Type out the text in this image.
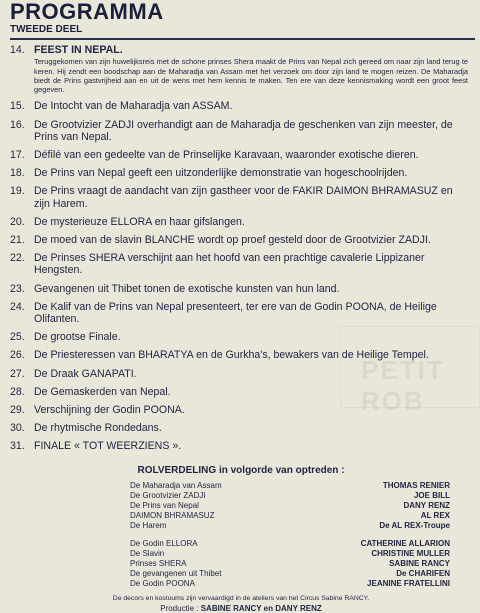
PROGRAMMA
TWEEDE DEEL
14. FEEST IN NEPAL.
Teruggekomen van zijn huwelijksreis met de schone prinses Shera maakt de Prins van Nepal zich gereed om naar zijn land terug te keren. Hij zendt een boodschap aan de Maharadja van Assam met het verzoek om door zijn land te mogen reizen. De Maharadja biedt de Prins gastvrijheid aan en uit de wens met hem kennis te maken. Ten ere van deze kennismaking wordt een groot feest gegeven.
15. De Intocht van de Maharadja van ASSAM.
16. De Grootvizier ZADJI overhandigt aan de Maharadja de geschenken van zijn meester, de Prins van Nepal.
17. Défilé van een gedeelte van de Prinselijke Karavaan, waaronder exotische dieren.
18. De Prins van Nepal geeft een uitzonderlijke demonstratie van hogeschoolrijden.
19. De Prins vraagt de aandacht van zijn gastheer voor de FAKIR DAIMON BHRAMASUZ en zijn Harem.
20. De mysterieuze ELLORA en haar gifslangen.
21. De moed van de slavin BLANCHE wordt op proef gesteld door de Grootvizier ZADJI.
22. De Prinses SHERA verschijnt aan het hoofd van een prachtige cavalerie Lippizaner Hengsten.
23. Gevangenen uit Thibet tonen de exotische kunsten van hun land.
24. De Kalif van de Prins van Nepal presenteert, ter ere van de Godin POONA, de Heilige Olifanten.
25. De grootse Finale.
26. De Priesteressen van BHARATYA en de Gurkha's, bewakers van de Heilige Tempel.
27. De Draak GANAPATI.
28. De Gemaskerden van Nepal.
29. Verschijning der Godin POONA.
30. De rhytmische Rondedans.
31. FINALE « TOT WEERZIENS ».
ROLVERDELING in volgorde van optreden :
De Maharadja van Assam	THOMAS RENIER
De Grootvizier ZADJI	JOE BILL
De Prins van Nepal	DANY RENZ
DAIMON BHRAMASUZ	AL REX
De Harem	De AL REX-Troupe
De Godin ELLORA	CATHERINE ALLARION
De Slavin	CHRISTINE MULLER
Prinses SHERA	SABINE RANCY
De gevangenen uit Thibet	De CHARIFEN
De Godin POONA	JEANINE FRATELLINI
De decors en kostuums zijn vervaardigd in de ateliers van het Circus Sabine RANCY.
Productie : SABINE RANCY en DANY RENZ
PETIT ROB
